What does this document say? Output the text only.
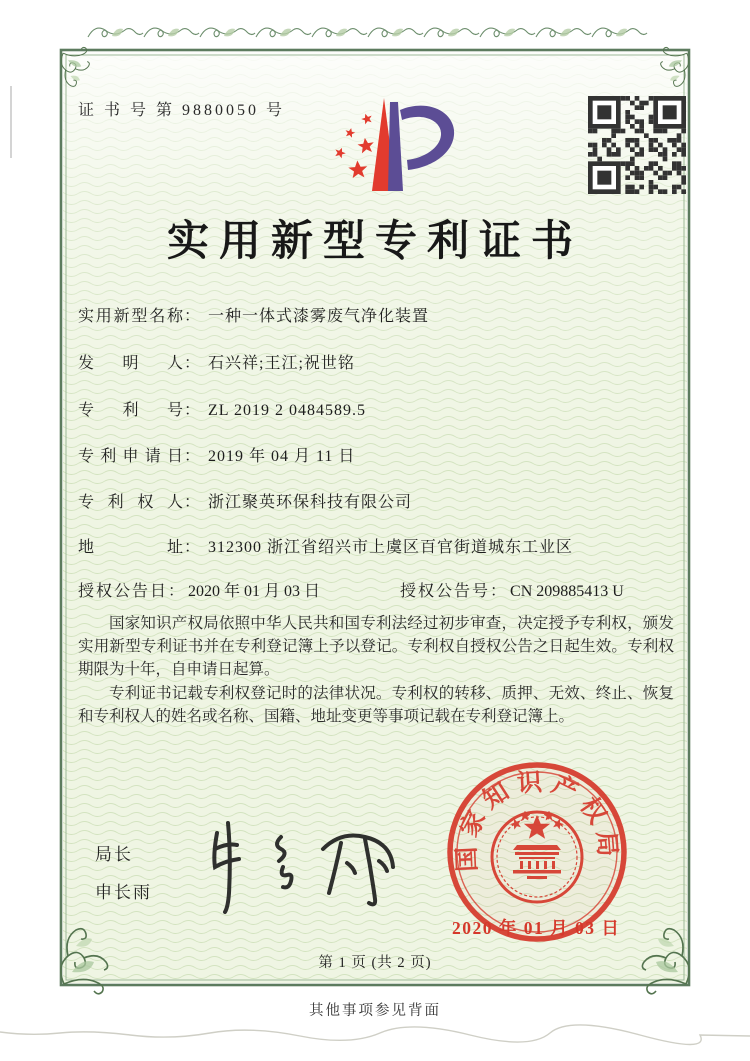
证 书 号 第 9880050 号
实用新型专利证书
实用新型名称： 一种一体式漆雾废气净化装置
发明人： 石兴祥;王江;祝世铭
专利号： ZL 2019 2 0484589.5
专利申请日： 2019 年 04 月 11 日
专利权人： 浙江聚英环保科技有限公司
地址： 312300 浙江省绍兴市上虞区百官街道城东工业区
授权公告日： 2020 年 01 月 03 日	授权公告号： CN 209885413 U

国家知识产权局依照中华人民共和国专利法经过初步审查，决定授予专利权，颁发实用新型专利证书并在专利登记簿上予以登记。专利权自授权公告之日起生效。专利权期限为十年，自申请日起算。

专利证书记载专利权登记时的法律状况。专利权的转移、质押、无效、终止、恢复和专利权人的姓名或名称、国籍、地址变更等事项记载在专利登记簿上。

局长
申长雨
国家知识产权局
2020 年 01 月 03 日
第 1 页 (共 2 页)
其他事项参见背面
